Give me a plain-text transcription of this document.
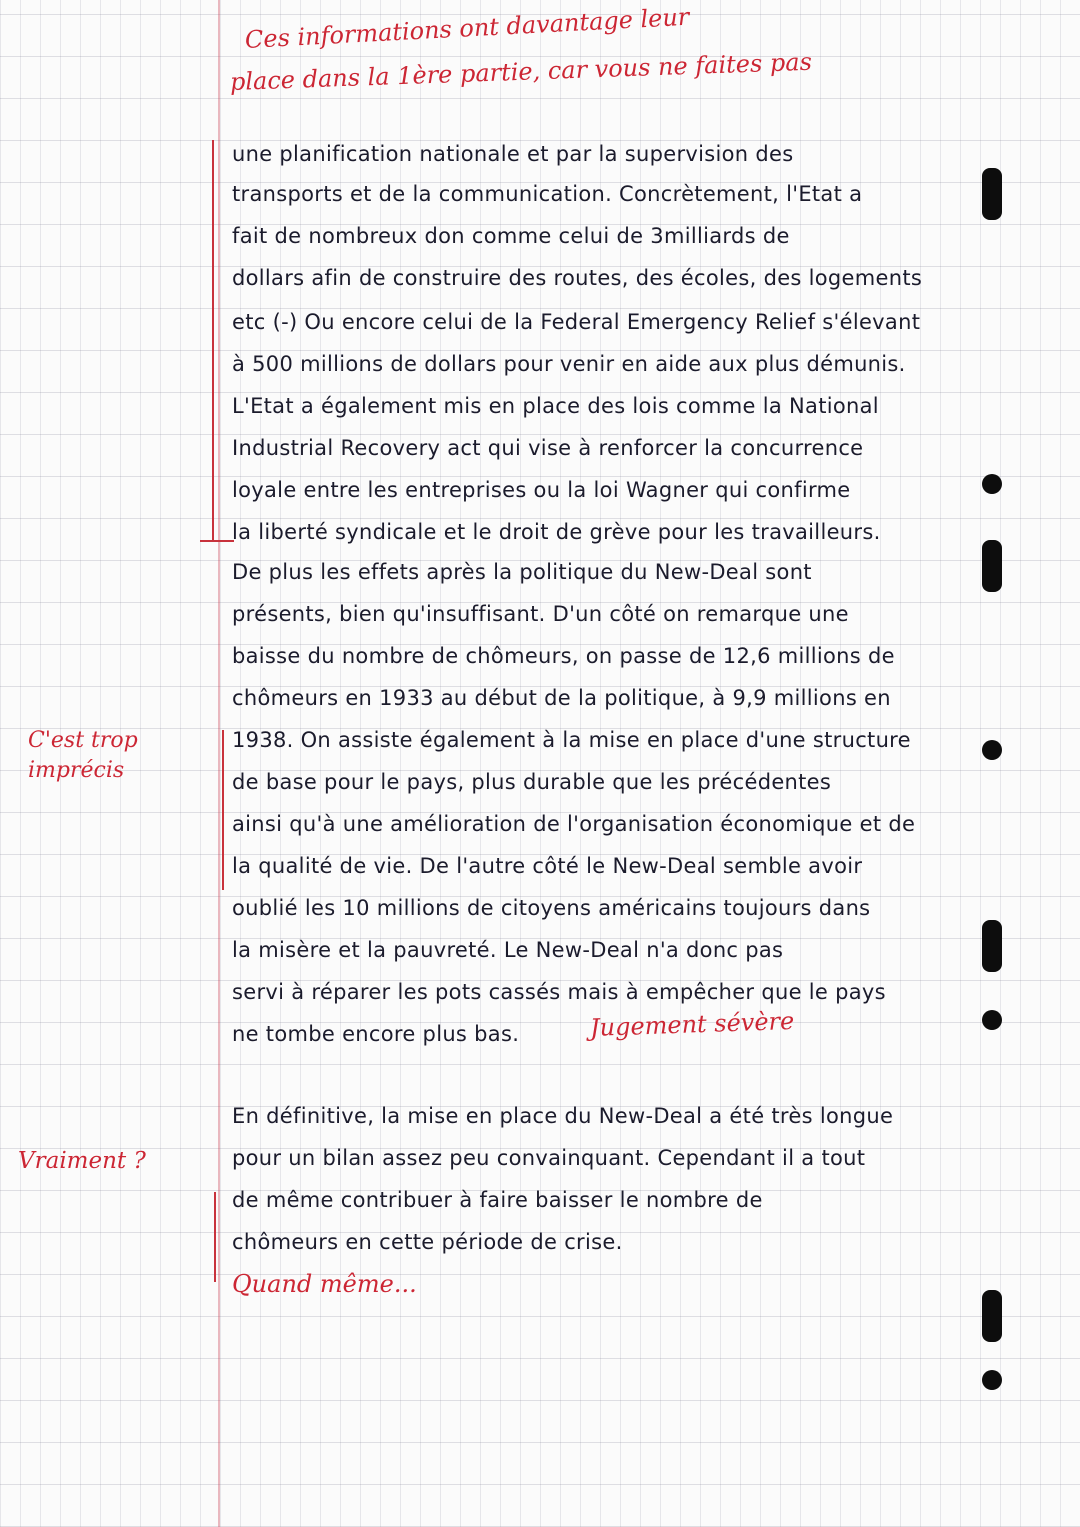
Ces informations ont davantage leur
place dans la 1ère partie, car vous ne faites pas
une planification nationale et par la supervision des
transports et de la communication. Concrètement, l'Etat a
fait de nombreux don comme celui de 3milliards de
dollars afin de construire des routes, des écoles, des logements
etc (-) Ou encore celui de la Federal Emergency Relief s'élevant
à 500 millions de dollars pour venir en aide aux plus démunis.
L'Etat a également mis en place des lois comme la National
Industrial Recovery act qui vise à renforcer la concurrence
loyale entre les entreprises ou la loi Wagner qui confirme
la liberté syndicale et le droit de grève pour les travailleurs.
De plus les effets après la politique du New-Deal sont
présents, bien qu'insuffisant. D'un côté on remarque une
baisse du nombre de chômeurs, on passe de 12,6 millions de
chômeurs en 1933 au début de la politique, à 9,9 millions en
1938. On assiste également à la mise en place d'une structure
de base pour le pays, plus durable que les précédentes
ainsi qu'à une amélioration de l'organisation économique et de
la qualité de vie. De l'autre côté le New-Deal semble avoir
oublié les 10 millions de citoyens américains toujours dans
la misère et la pauvreté. Le New-Deal n'a donc pas
servi à réparer les pots cassés mais à empêcher que le pays
ne tombe encore plus bas.	Jugement sévère
C'est trop
imprécis
En définitive, la mise en place du New-Deal a été très longue
pour un bilan assez peu convainquant. Cependant il a tout
de même contribuer à faire baisser le nombre de
chômeurs en cette période de crise.
Vraiment ?
Quand même...
